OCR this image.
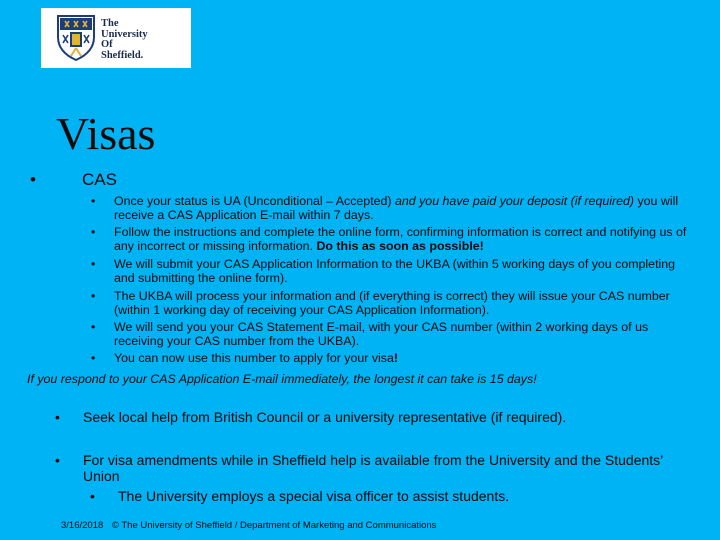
The
University
Of
Sheffield.
Visas
•	CAS
• Once your status is UA (Unconditional – Accepted) and you have paid your deposit (if required) you will receive a CAS Application E-mail within 7 days.
• Follow the instructions and complete the online form, confirming information is correct and notifying us of any incorrect or missing information. Do this as soon as possible!
• We will submit your CAS Application Information to the UKBA (within 5 working days of you completing and submitting the online form).
• The UKBA will process your information and (if everything is correct) they will issue your CAS number (within 1 working day of receiving your CAS Application Information).
• We will send you your CAS Statement E-mail, with your CAS number (within 2 working days of us receiving your CAS number from the UKBA).
• You can now use this number to apply for your visa!
If you respond to your CAS Application E-mail immediately, the longest it can take is 15 days!
• Seek local help from British Council or a university representative (if required).
• For visa amendments while in Sheffield help is available from the University and the Students’ Union
• The University employs a special visa officer to assist students.
3/16/2018 © The University of Sheffield / Department of Marketing and Communications
